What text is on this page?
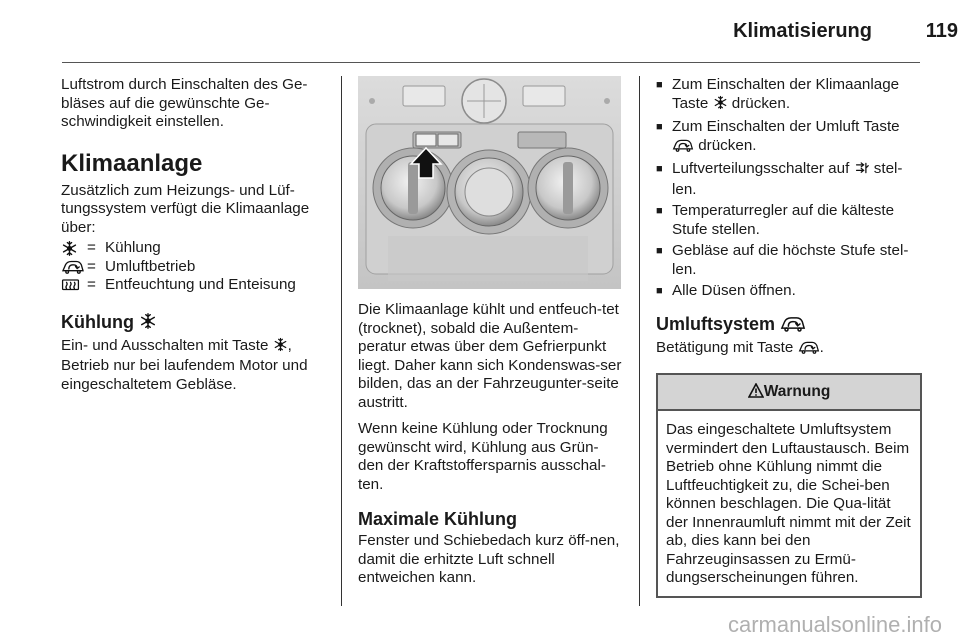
Klimatisierung	119

Luftstrom durch Einschalten des Ge-bläses auf die gewünschte Ge-schwindigkeit einstellen.

Klimaanlage

Zusätzlich zum Heizungs- und Lüf-tungssystem verfügt die Klimaanlage über:

= Kühlung
= Umluftbetrieb
= Entfeuchtung und Enteisung
Kühlung

Ein- und Ausschalten mit Taste , Betrieb nur bei laufendem Motor und eingeschaltetem Gebläse.

Die Klimaanlage kühlt und entfeuch-tet (trocknet), sobald die Außentem-peratur etwas über dem Gefrierpunkt liegt. Daher kann sich Kondenswas-ser bilden, das an der Fahrzeugunter-seite austritt.

Wenn keine Kühlung oder Trocknung gewünscht wird, Kühlung aus Grün-den der Kraftstoffersparnis ausschal-ten.

Maximale Kühlung

Fenster und Schiebedach kurz öff-nen, damit die erhitzte Luft schnell entweichen kann.

■ Zum Einschalten der Klimaanlage Taste drücken.
■ Zum Einschalten der Umluft Taste
drücken.
■ Luftverteilungsschalter auf stel-len.
■ Temperaturregler auf die kälteste Stufe stellen.
■ Gebläse auf die höchste Stufe stel-len.
■ Alle Düsen öffnen.
Umluftsystem

Betätigung mit Taste .

Warnung
Das eingeschaltete Umluftsystem vermindert den Luftaustausch. Beim Betrieb ohne Kühlung nimmt die Luftfeuchtigkeit zu, die Schei-ben können beschlagen. Die Qua-lität der Innenraumluft nimmt mit der Zeit ab, dies kann bei den Fahrzeuginsassen zu Ermü-dungserscheinungen führen.
carmanualsonline.info
